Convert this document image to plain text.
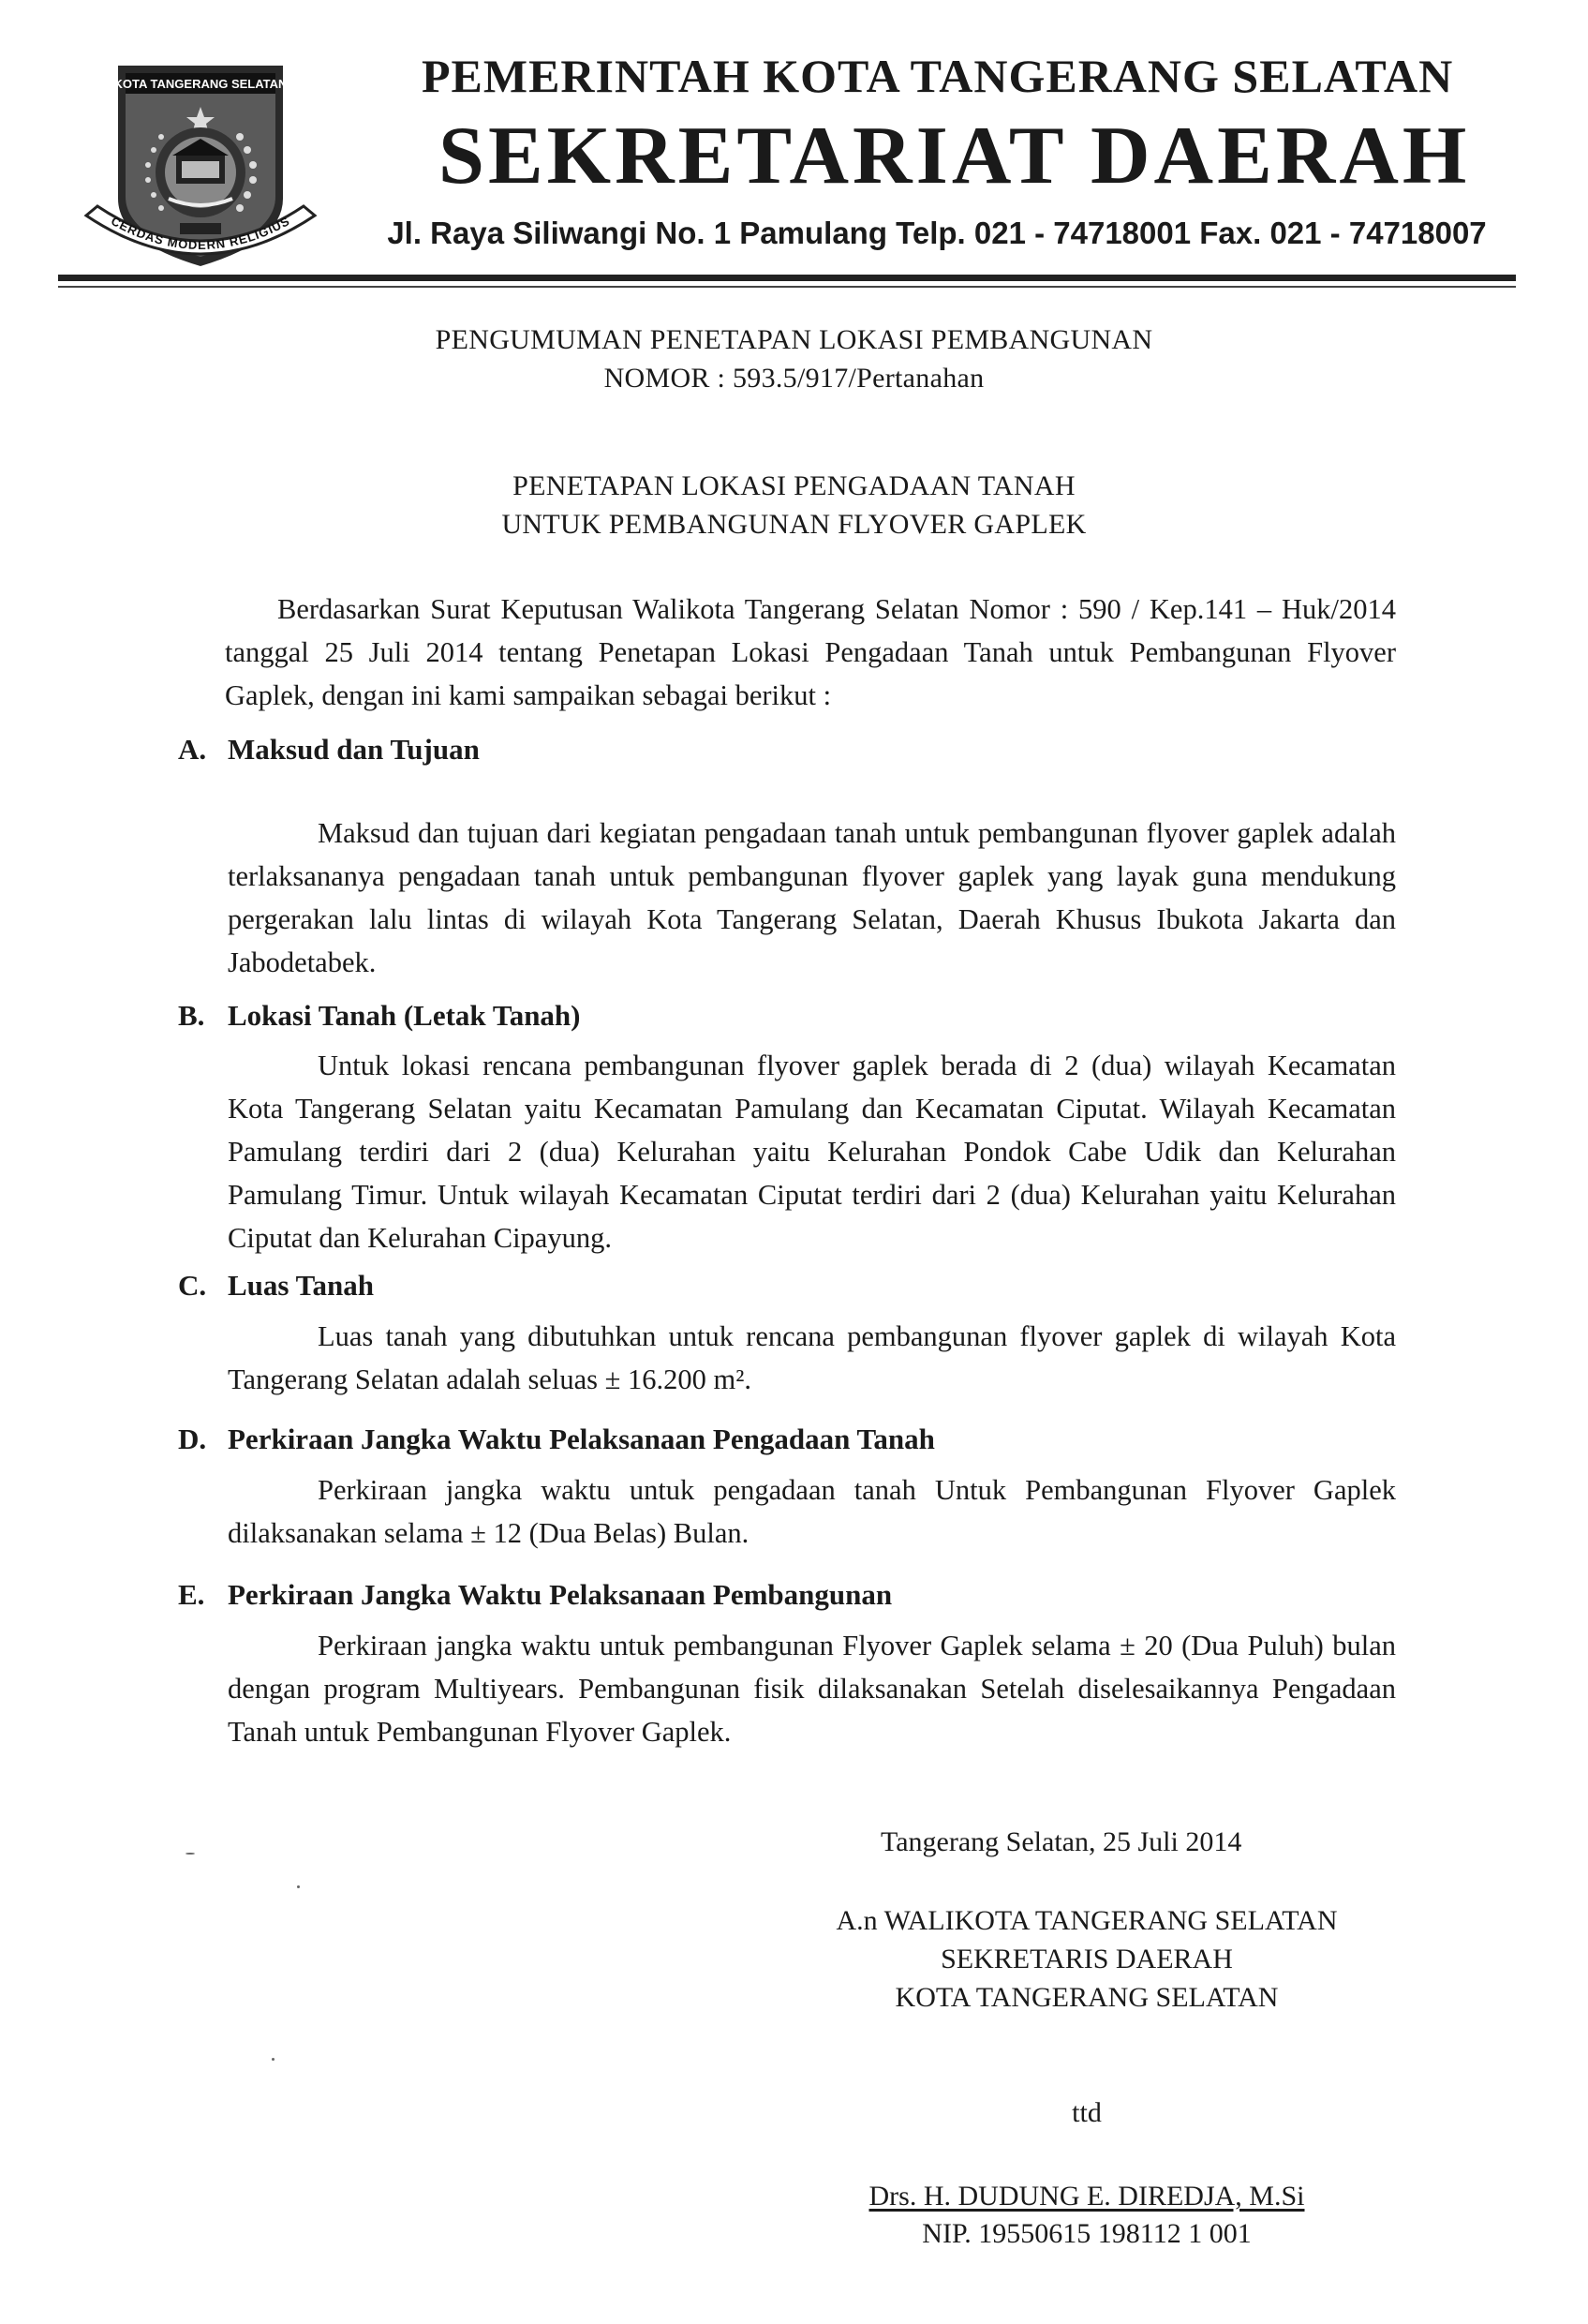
KOTA TANGERANG SELATAN
CERDAS MODERN RELIGIUS
PEMERINTAH KOTA TANGERANG SELATAN
SEKRETARIAT DAERAH
Jl. Raya Siliwangi No. 1 Pamulang Telp. 021 - 74718001 Fax. 021 - 74718007
PENGUMUMAN PENETAPAN LOKASI PEMBANGUNAN
NOMOR : 593.5/917/Pertanahan
PENETAPAN LOKASI PENGADAAN TANAH
UNTUK PEMBANGUNAN FLYOVER GAPLEK
Berdasarkan Surat Keputusan Walikota Tangerang Selatan Nomor : 590 / Kep.141 – Huk/2014 tanggal 25 Juli 2014 tentang Penetapan Lokasi Pengadaan Tanah untuk Pembangunan Flyover Gaplek, dengan ini kami sampaikan sebagai berikut :
A. Maksud dan Tujuan
Maksud dan tujuan dari kegiatan pengadaan tanah untuk pembangunan flyover gaplek adalah terlaksananya pengadaan tanah untuk pembangunan flyover gaplek yang layak guna mendukung pergerakan lalu lintas di wilayah Kota Tangerang Selatan, Daerah Khusus Ibukota Jakarta dan Jabodetabek.
B. Lokasi Tanah (Letak Tanah)
Untuk lokasi rencana pembangunan flyover gaplek berada di 2 (dua) wilayah Kecamatan Kota Tangerang Selatan yaitu Kecamatan Pamulang dan Kecamatan Ciputat. Wilayah Kecamatan Pamulang terdiri dari 2 (dua) Kelurahan yaitu Kelurahan Pondok Cabe Udik dan Kelurahan Pamulang Timur. Untuk wilayah Kecamatan Ciputat terdiri dari 2 (dua) Kelurahan yaitu Kelurahan Ciputat dan Kelurahan Cipayung.
C. Luas Tanah
Luas tanah yang dibutuhkan untuk rencana pembangunan flyover gaplek di wilayah Kota Tangerang Selatan adalah seluas ± 16.200 m².
D. Perkiraan Jangka Waktu Pelaksanaan Pengadaan Tanah
Perkiraan jangka waktu untuk pengadaan tanah Untuk Pembangunan Flyover Gaplek dilaksanakan selama ± 12 (Dua Belas) Bulan.
E. Perkiraan Jangka Waktu Pelaksanaan Pembangunan
Perkiraan jangka waktu untuk pembangunan Flyover Gaplek selama ± 20 (Dua Puluh) bulan dengan program Multiyears. Pembangunan fisik dilaksanakan Setelah diselesaikannya Pengadaan Tanah untuk Pembangunan Flyover Gaplek.
Tangerang Selatan, 25 Juli 2014
A.n WALIKOTA TANGERANG SELATAN
SEKRETARIS DAERAH
KOTA TANGERANG SELATAN
ttd
Drs. H. DUDUNG E. DIREDJA, M.Si
NIP. 19550615 198112 1 001
